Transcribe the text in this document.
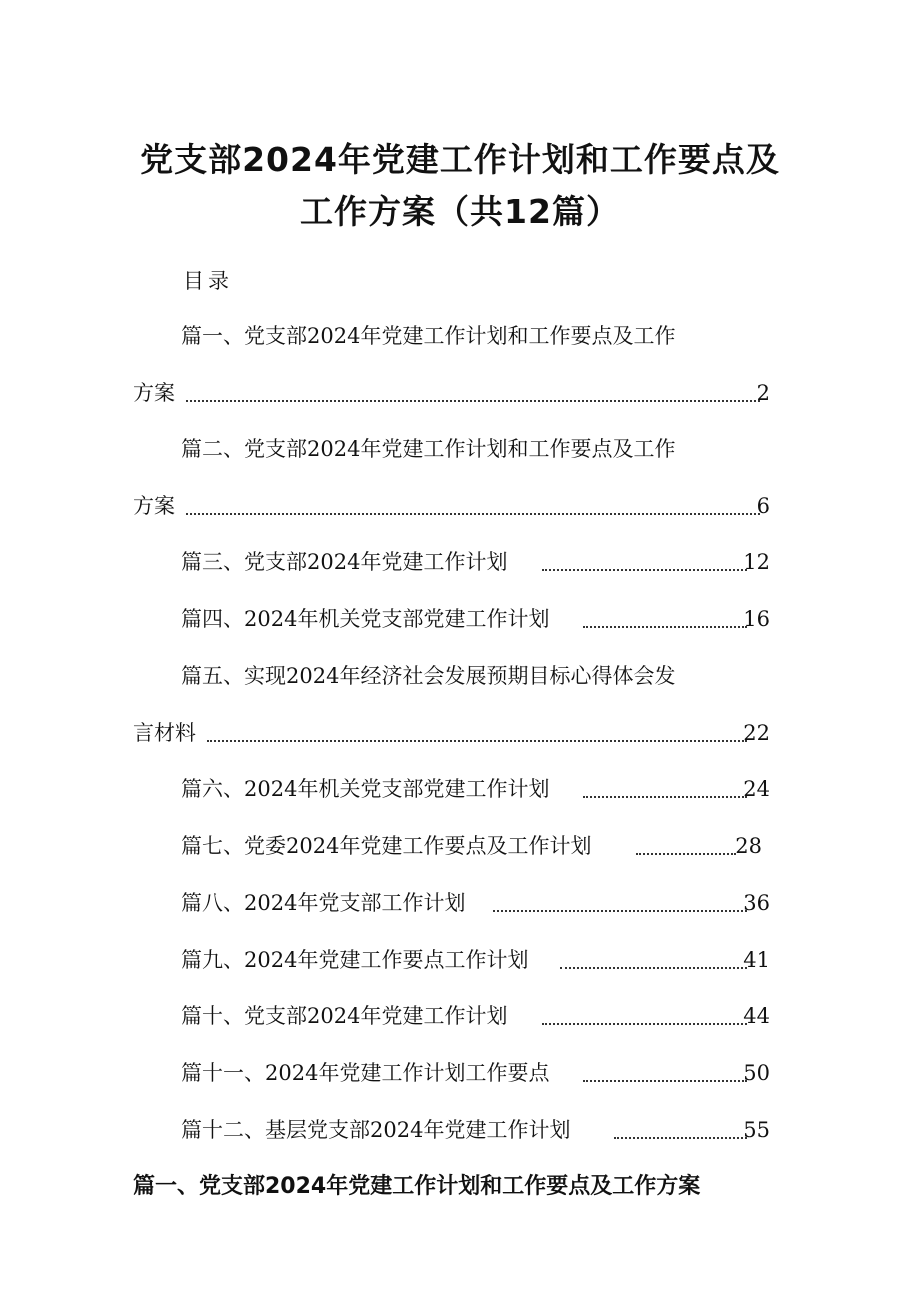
党支部2024年党建工作计划和工作要点及
工作方案（共12篇）
目录
篇一、党支部2024年党建工作计划和工作要点及工作
方案	2
篇二、党支部2024年党建工作计划和工作要点及工作
方案	6
篇三、党支部2024年党建工作计划	12
篇四、2024年机关党支部党建工作计划	16
篇五、实现2024年经济社会发展预期目标心得体会发
言材料	22
篇六、2024年机关党支部党建工作计划	24
篇七、党委2024年党建工作要点及工作计划	28
篇八、2024年党支部工作计划	36
篇九、2024年党建工作要点工作计划	41
篇十、党支部2024年党建工作计划	44
篇十一、2024年党建工作计划工作要点	50
篇十二、基层党支部2024年党建工作计划	55
篇一、党支部2024年党建工作计划和工作要点及工作方案
